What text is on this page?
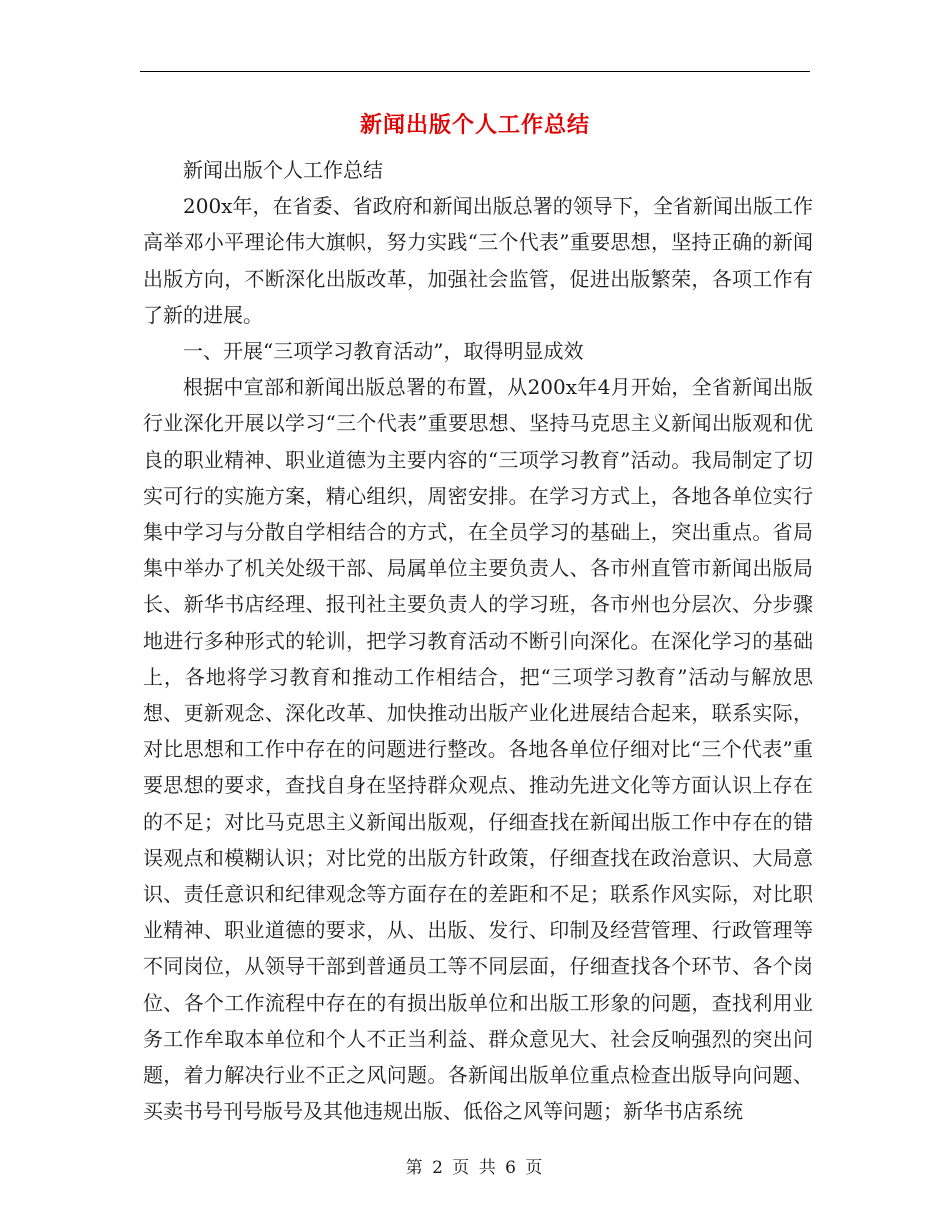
新闻出版个人工作总结

新闻出版个人工作总结

200x年，在省委、省政府和新闻出版总署的领导下，全省新闻出版工作高举邓小平理论伟大旗帜，努力实践“三个代表”重要思想，坚持正确的新闻出版方向，不断深化出版改革，加强社会监管，促进出版繁荣，各项工作有了新的进展。

一、开展“三项学习教育活动”，取得明显成效

根据中宣部和新闻出版总署的布置，从200x年4月开始，全省新闻出版行业深化开展以学习“三个代表”重要思想、坚持马克思主义新闻出版观和优良的职业精神、职业道德为主要内容的“三项学习教育”活动。我局制定了切实可行的实施方案，精心组织，周密安排。在学习方式上，各地各单位实行集中学习与分散自学相结合的方式，在全员学习的基础上，突出重点。省局集中举办了机关处级干部、局属单位主要负责人、各市州直管市新闻出版局长、新华书店经理、报刊社主要负责人的学习班，各市州也分层次、分步骤地进行多种形式的轮训，把学习教育活动不断引向深化。在深化学习的基础上，各地将学习教育和推动工作相结合，把“三项学习教育”活动与解放思想、更新观念、深化改革、加快推动出版产业化进展结合起来，联系实际，对比思想和工作中存在的问题进行整改。各地各单位仔细对比“三个代表”重要思想的要求，查找自身在坚持群众观点、推动先进文化等方面认识上存在的不足；对比马克思主义新闻出版观，仔细查找在新闻出版工作中存在的错误观点和模糊认识；对比党的出版方针政策，仔细查找在政治意识、大局意识、责任意识和纪律观念等方面存在的差距和不足；联系作风实际，对比职业精神、职业道德的要求，从、出版、发行、印制及经营管理、行政管理等不同岗位，从领导干部到普通员工等不同层面，仔细查找各个环节、各个岗位、各个工作流程中存在的有损出版单位和出版工形象的问题，查找利用业务工作牟取本单位和个人不正当利益、群众意见大、社会反响强烈的突出问题，着力解决行业不正之风问题。各新闻出版单位重点检查出版导向问题、买卖书号刊号版号及其他违规出版、低俗之风等问题；新华书店系统

第 2 页 共 6 页
